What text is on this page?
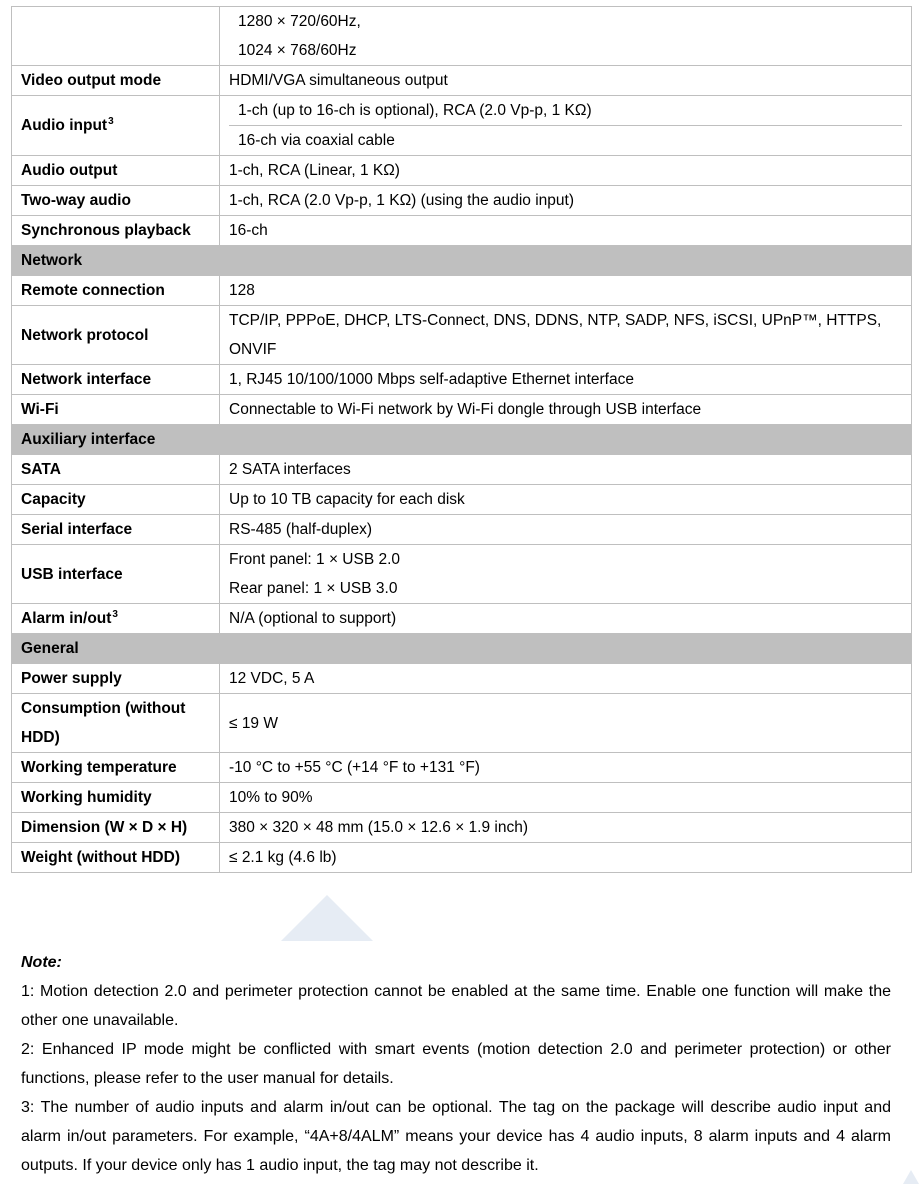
	1280 × 720/60Hz,
1024 × 768/60Hz

Video output mode	HDMI/VGA simultaneous output
Audio input$^3$	1-ch (up to 16-ch is optional), RCA (2.0 Vp-p, 1 KΩ)
16-ch via coaxial cable

Audio output	1-ch, RCA (Linear, 1 KΩ)
Two-way audio	1-ch, RCA (2.0 Vp-p, 1 KΩ) (using the audio input)
Synchronous playback	16-ch
Network	
Remote connection	128
Network protocol	TCP/IP, PPPoE, DHCP, LTS-Connect, DNS, DDNS, NTP, SADP, NFS, iSCSI, UPnP™, HTTPS,
ONVIF

Network interface	1, RJ45 10/100/1000 Mbps self-adaptive Ethernet interface
Wi-Fi	Connectable to Wi-Fi network by Wi-Fi dongle through USB interface
Auxiliary interface	
SATA	2 SATA interfaces
Capacity	Up to 10 TB capacity for each disk
Serial interface	RS-485 (half-duplex)
USB interface	Front panel: 1 × USB 2.0
Rear panel: 1 × USB 3.0

Alarm in/out$^3$	N/A (optional to support)
General	
Power supply	12 VDC, 5 A

Consumption (without
HDD)	≤ 19 W
Working temperature	-10 °C to +55 °C (+14 °F to +131 °F)
Working humidity	10% to 90%
Dimension (W × D × H)	380 × 320 × 48 mm (15.0 × 12.6 × 1.9 inch)
Weight (without HDD)	≤ 2.1 kg (4.6 lb)
Note:

1: Motion detection 2.0 and perimeter protection cannot be enabled at the same time. Enable one function will make the other one unavailable.

2: Enhanced IP mode might be conflicted with smart events (motion detection 2.0 and perimeter protection) or other functions, please refer to the user manual for details.

3: The number of audio inputs and alarm in/out can be optional. The tag on the package will describe audio input and alarm in/out parameters. For example, “4A+8/4ALM” means your device has 4 audio inputs, 8 alarm inputs and 4 alarm outputs. If your device only has 1 audio input, the tag may not describe it.
